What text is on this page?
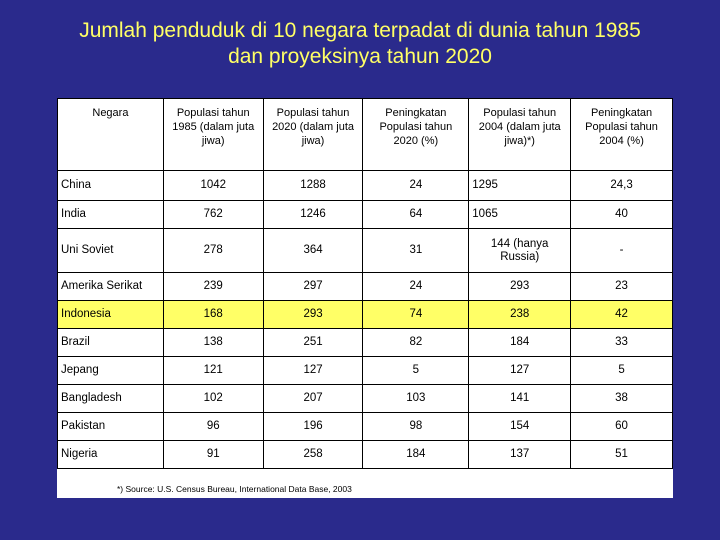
Jumlah penduduk di 10 negara terpadat di dunia tahun 1985
dan proyeksinya tahun 2020
Negara	Populasi tahun 1985 (dalam juta jiwa)	Populasi tahun 2020 (dalam juta jiwa)	Peningkatan Populasi tahun 2020 (%)	Populasi tahun 2004 (dalam juta jiwa)*)	Peningkatan Populasi tahun 2004 (%)
China	1042	1288	24	1295	24,3
India	762	1246	64	1065	40
Uni Soviet	278	364	31	144 (hanya Russia)	-
Amerika Serikat	239	297	24	293	23
Indonesia	168	293	74	238	42
Brazil	138	251	82	184	33
Jepang	121	127	5	127	5
Bangladesh	102	207	103	141	38
Pakistan	96	196	98	154	60
Nigeria	91	258	184	137	51
*) Source: U.S. Census Bureau, International Data Base, 2003
